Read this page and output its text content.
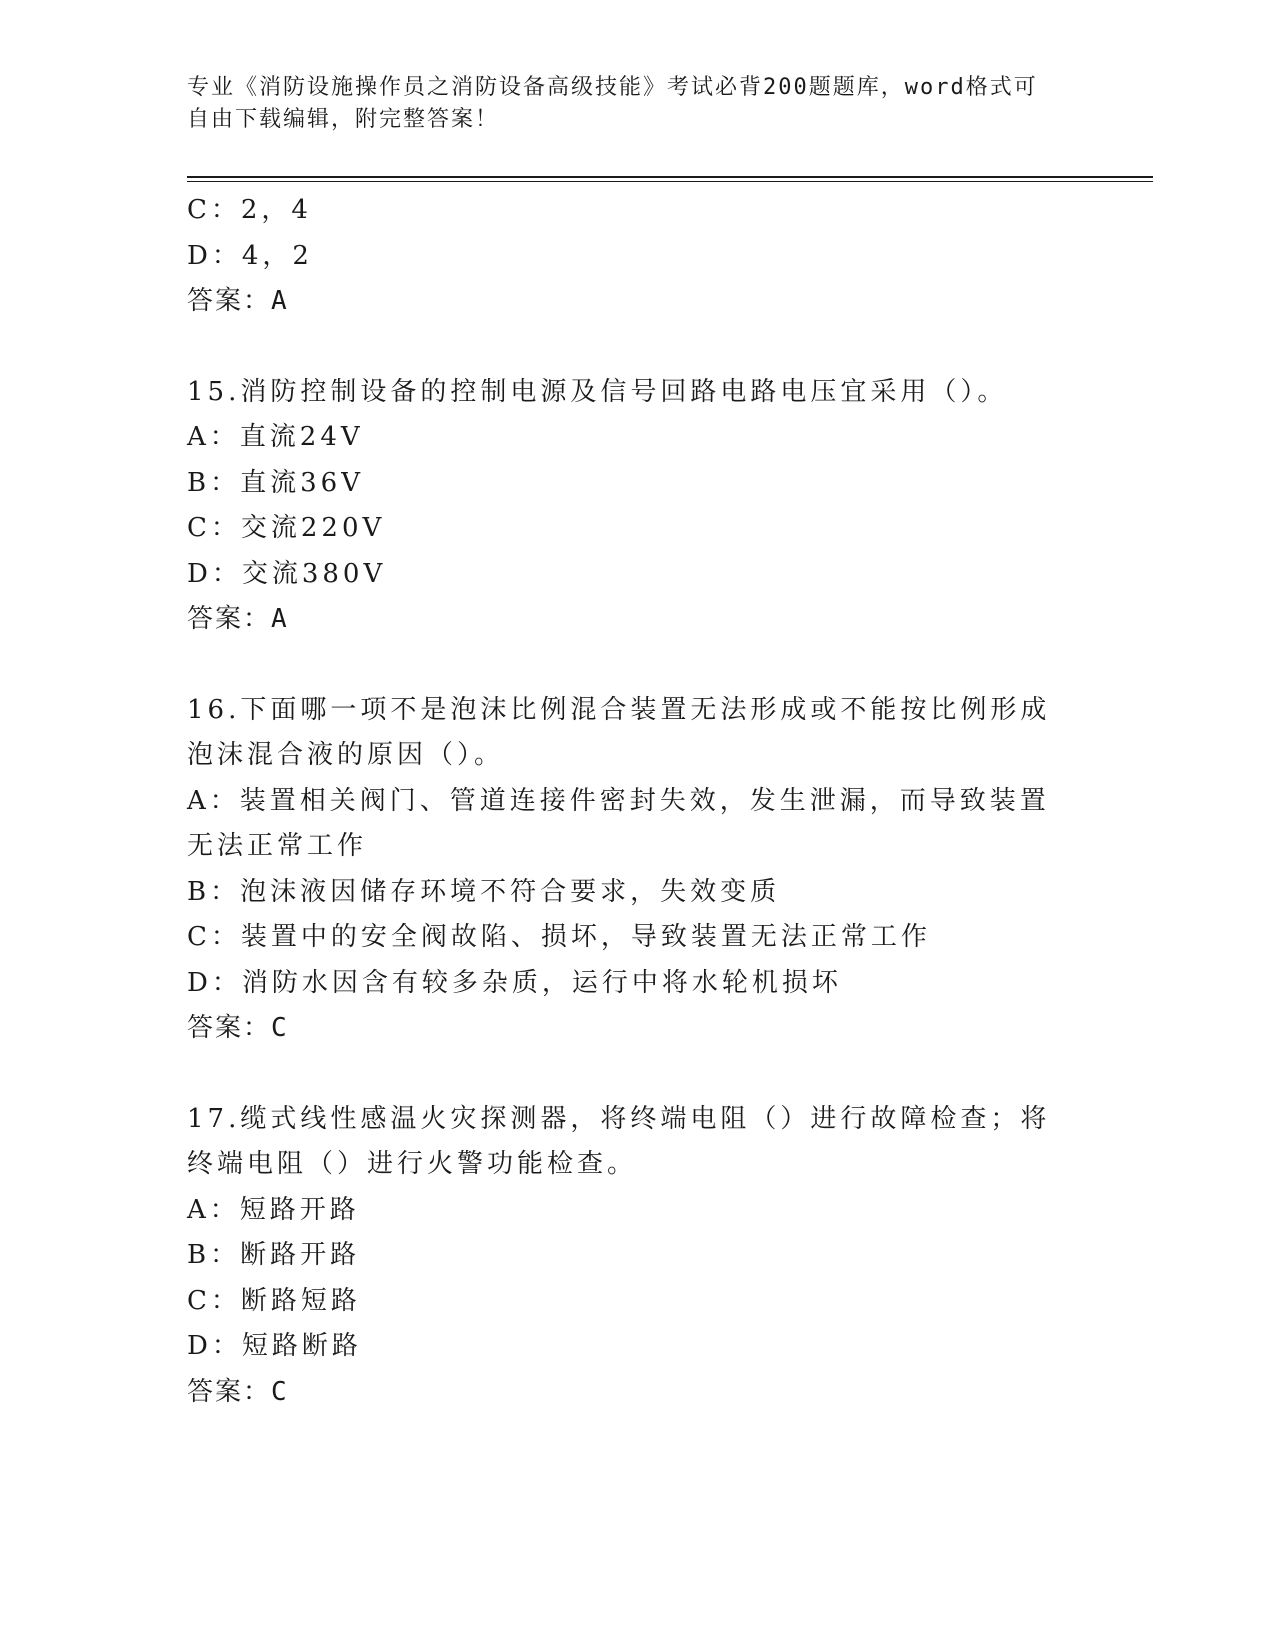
专业《消防设施操作员之消防设备高级技能》考试必背200题题库，word格式可
自由下载编辑，附完整答案！
C：2，4
D：4，2
答案：A
15.消防控制设备的控制电源及信号回路电路电压宜采用（）。
A：直流24V
B：直流36V
C：交流220V
D：交流380V
答案：A
16.下面哪一项不是泡沫比例混合装置无法形成或不能按比例形成泡沫混合液的原因（）。
A：装置相关阀门、管道连接件密封失效，发生泄漏，而导致装置无法正常工作
B：泡沫液因储存环境不符合要求，失效变质
C：装置中的安全阀故陷、损坏，导致装置无法正常工作
D：消防水因含有较多杂质，运行中将水轮机损坏
答案：C
17.缆式线性感温火灾探测器，将终端电阻（）进行故障检查；将终端电阻（）进行火警功能检查。
A：短路开路
B：断路开路
C：断路短路
D：短路断路
答案：C
